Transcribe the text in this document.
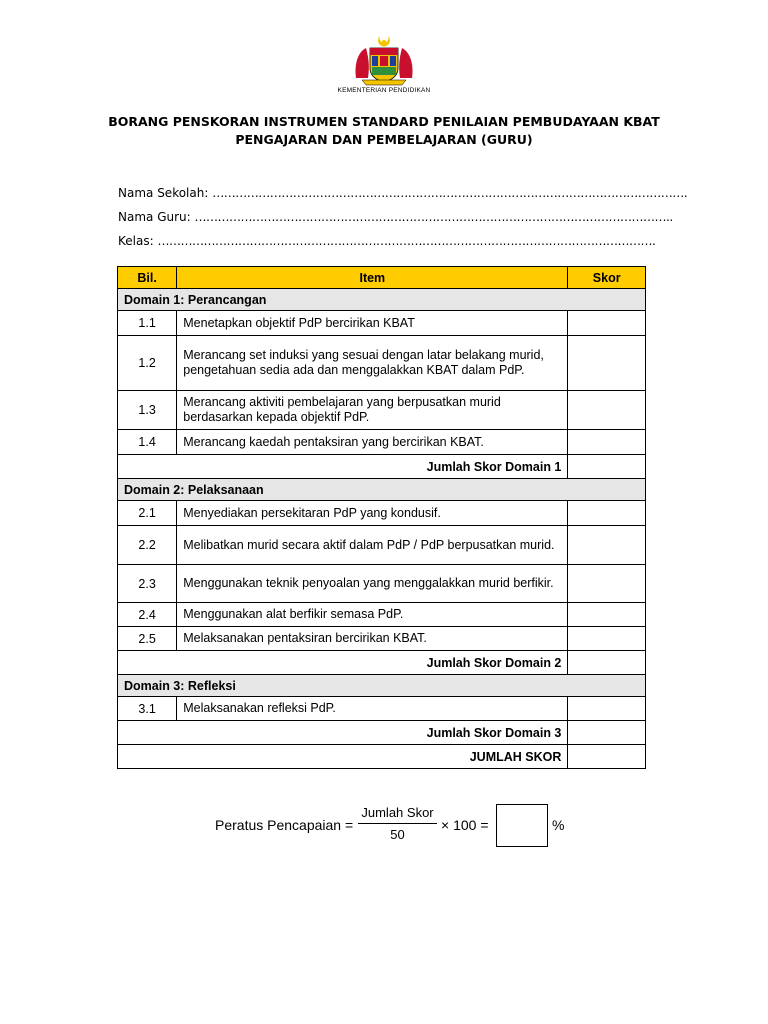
KEMENTERIAN PENDIDIKAN
BORANG PENSKORAN INSTRUMEN STANDARD PENILAIAN PEMBUDAYAAN KBAT
PENGAJARAN DAN PEMBELAJARAN (GURU)
Nama Sekolah: …………………………………………………………………………………………………………….
Nama Guru: ……………………………………………………………………………………………………………..
Kelas: ………………………………………………………………………………………………………………….
Bil.	Item	Skor
Domain 1: Perancangan		
1.1	Menetapkan objektif PdP bercirikan KBAT	
1.2	Merancang set induksi yang sesuai dengan latar belakang murid, pengetahuan sedia ada dan menggalakkan KBAT dalam PdP.	
1.3	Merancang aktiviti pembelajaran yang berpusatkan murid berdasarkan kepada objektif PdP.	
1.4	Merancang kaedah pentaksiran yang bercirikan KBAT.	
Jumlah Skor Domain 1		
Domain 2: Pelaksanaan		
2.1	Menyediakan persekitaran PdP yang kondusif.	
2.2	Melibatkan murid secara aktif dalam PdP / PdP berpusatkan murid.	
2.3	Menggunakan teknik penyoalan yang menggalakkan murid berfikir.	
2.4	Menggunakan alat berfikir semasa PdP.	
2.5	Melaksanakan pentaksiran bercirikan KBAT.	
Jumlah Skor Domain 2		
Domain 3: Refleksi		
3.1	Melaksanakan refleksi PdP.	
Jumlah Skor Domain 3		
JUMLAH SKOR		
Peratus Pencapaian =
Jumlah Skor
50
× 100 =	%
